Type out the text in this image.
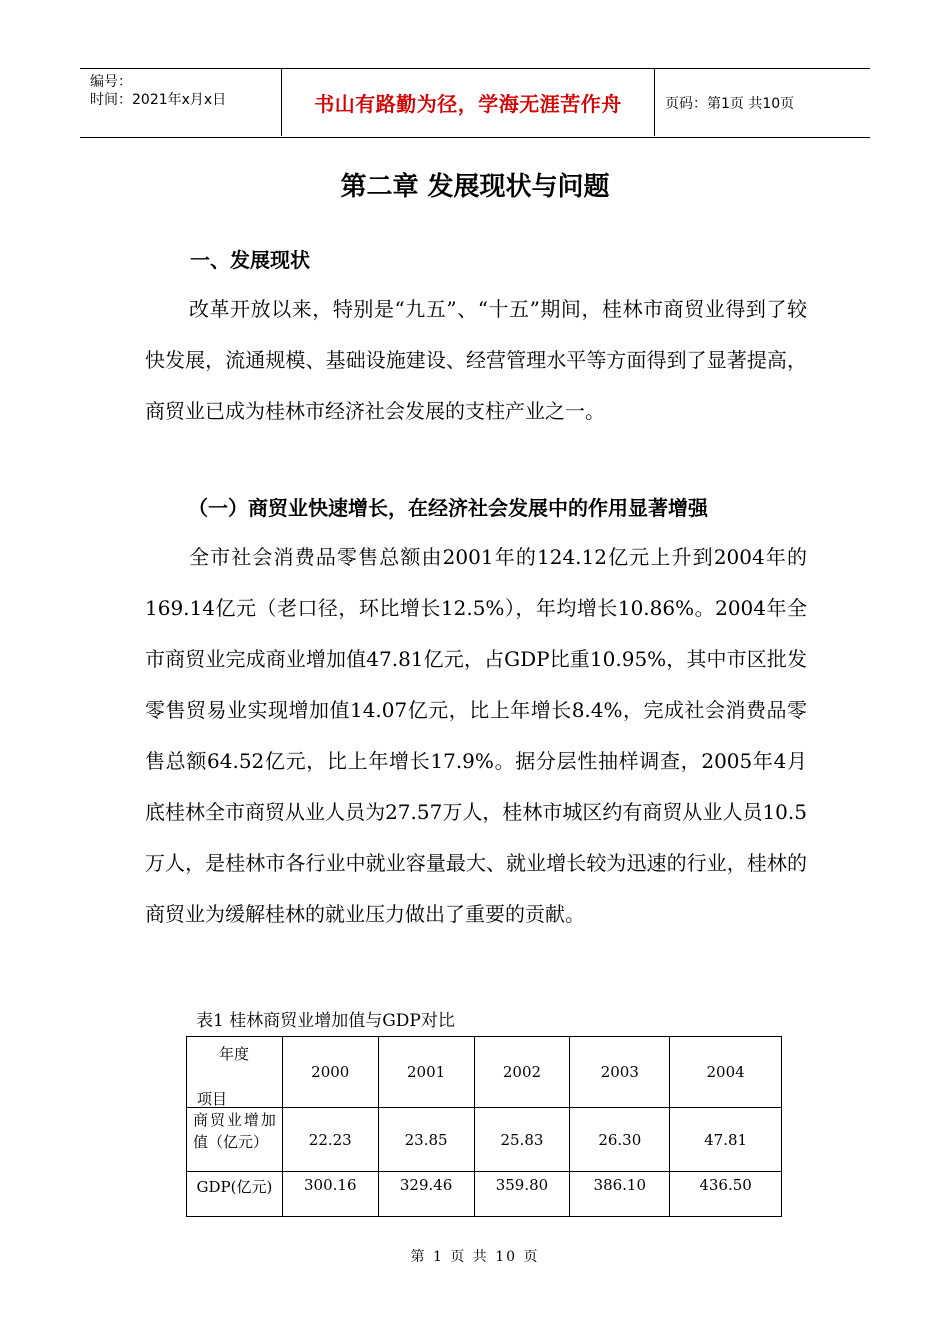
编号：
时间：2021年x月x日	书山有路勤为径，学海无涯苦作舟	页码：第1页 共10页
第二章 发展现状与问题
一、发展现状

改革开放以来，特别是“九五”、“十五”期间，桂林市商贸业得到了较快发展，流通规模、基础设施建设、经营管理水平等方面得到了显著提高，商贸业已成为桂林市经济社会发展的支柱产业之一。

（一）商贸业快速增长，在经济社会发展中的作用显著增强

全市社会消费品零售总额由2001年的124.12亿元上升到2004年的169.14亿元（老口径，环比增长12.5%），年均增长10.86%。2004年全市商贸业完成商业增加值47.81亿元，占GDP比重10.95%，其中市区批发零售贸易业实现增加值14.07亿元，比上年增长8.4%，完成社会消费品零售总额64.52亿元，比上年增长17.9%。据分层性抽样调查，2005年4月底桂林全市商贸从业人员为27.57万人，桂林市城区约有商贸从业人员10.5万人，是桂林市各行业中就业容量最大、就业增长较为迅速的行业，桂林的商贸业为缓解桂林的就业压力做出了重要的贡献。

表1 桂林商贸业增加值与GDP对比
年度
项目	2000	2001	2002	2003	2004

商贸业增加值（亿元）	22.23	23.85	25.83	26.30	47.81
GDP(亿元)	300.16	329.46	359.80	386.10	436.50
第 1 页 共 10 页
